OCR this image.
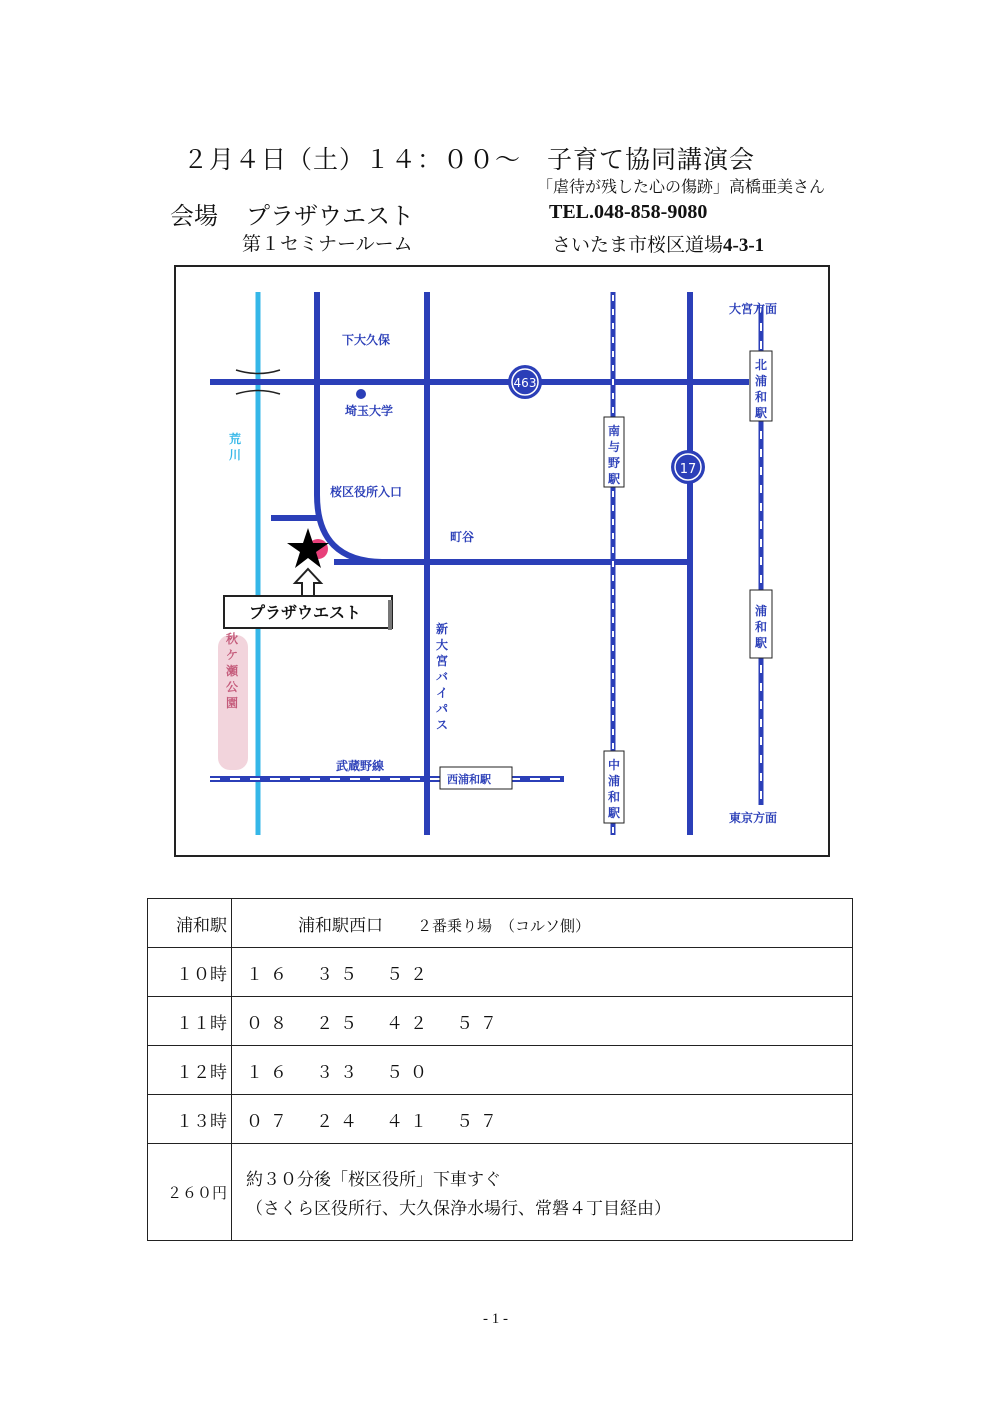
２月４日（土）１４：００～　子育て協同講演会
「虐待が残した心の傷跡」高橋亜美さん
会場 プラザウエスト
第１セミナールーム
TEL.048-858-9080
さいたま市桜区道場4-3-1
463
17
南与野駅
北浦和駅
浦和駅
中浦和駅
新大宮バイパス
荒川
秋ケ瀬公園
下大久保
埼玉大学
桜区役所入口
町谷
大宮方面
東京方面
武蔵野線
西浦和駅
プラザウエスト
浦和駅	浦和駅西口 ２番乗り場 （コルソ側）
１０時	１６ ３５ ５２
１１時	０８ ２５ ４２ ５７
１２時	１６ ３３ ５０
１３時	０７ ２４ ４１ ５７
２６０円	約３０分後「桜区役所」下車すぐ
（さくら区役所行、大久保浄水場行、常磐４丁目経由）
- 1 -
